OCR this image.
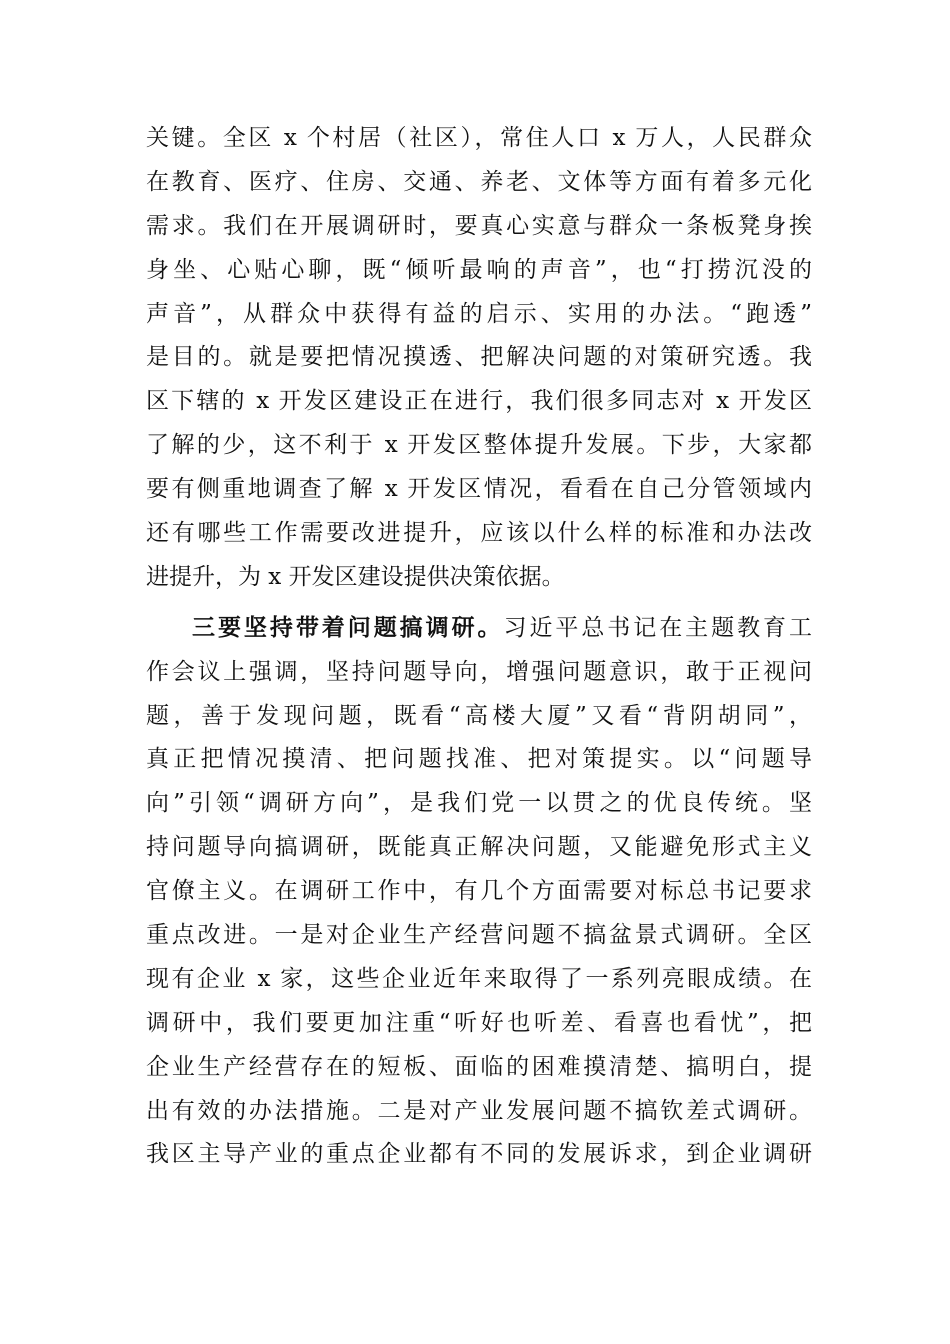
关键。全区 x 个村居（社区），常住人口 x 万人，人民群众
在教育、医疗、住房、交通、养老、文体等方面有着多元化
需求。我们在开展调研时，要真心实意与群众一条板凳身挨
身坐、心贴心聊，既“倾听最响的声音”，也“打捞沉没的
声音”，从群众中获得有益的启示、实用的办法。“跑透”
是目的。就是要把情况摸透、把解决问题的对策研究透。我
区下辖的 x 开发区建设正在进行，我们很多同志对 x 开发区
了解的少，这不利于 x 开发区整体提升发展。下步，大家都
要有侧重地调查了解 x 开发区情况，看看在自己分管领域内
还有哪些工作需要改进提升，应该以什么样的标准和办法改
进提升，为 x 开发区建设提供决策依据。
三要坚持带着问题搞调研。习近平总书记在主题教育工
作会议上强调，坚持问题导向，增强问题意识，敢于正视问
题，善于发现问题，既看“高楼大厦”又看“背阴胡同”，
真正把情况摸清、把问题找准、把对策提实。以“问题导
向”引领“调研方向”，是我们党一以贯之的优良传统。坚
持问题导向搞调研，既能真正解决问题，又能避免形式主义
官僚主义。在调研工作中，有几个方面需要对标总书记要求
重点改进。一是对企业生产经营问题不搞盆景式调研。全区
现有企业 x 家，这些企业近年来取得了一系列亮眼成绩。在
调研中，我们要更加注重“听好也听差、看喜也看忧”，把
企业生产经营存在的短板、面临的困难摸清楚、搞明白，提
出有效的办法措施。二是对产业发展问题不搞钦差式调研。
我区主导产业的重点企业都有不同的发展诉求，到企业调研
